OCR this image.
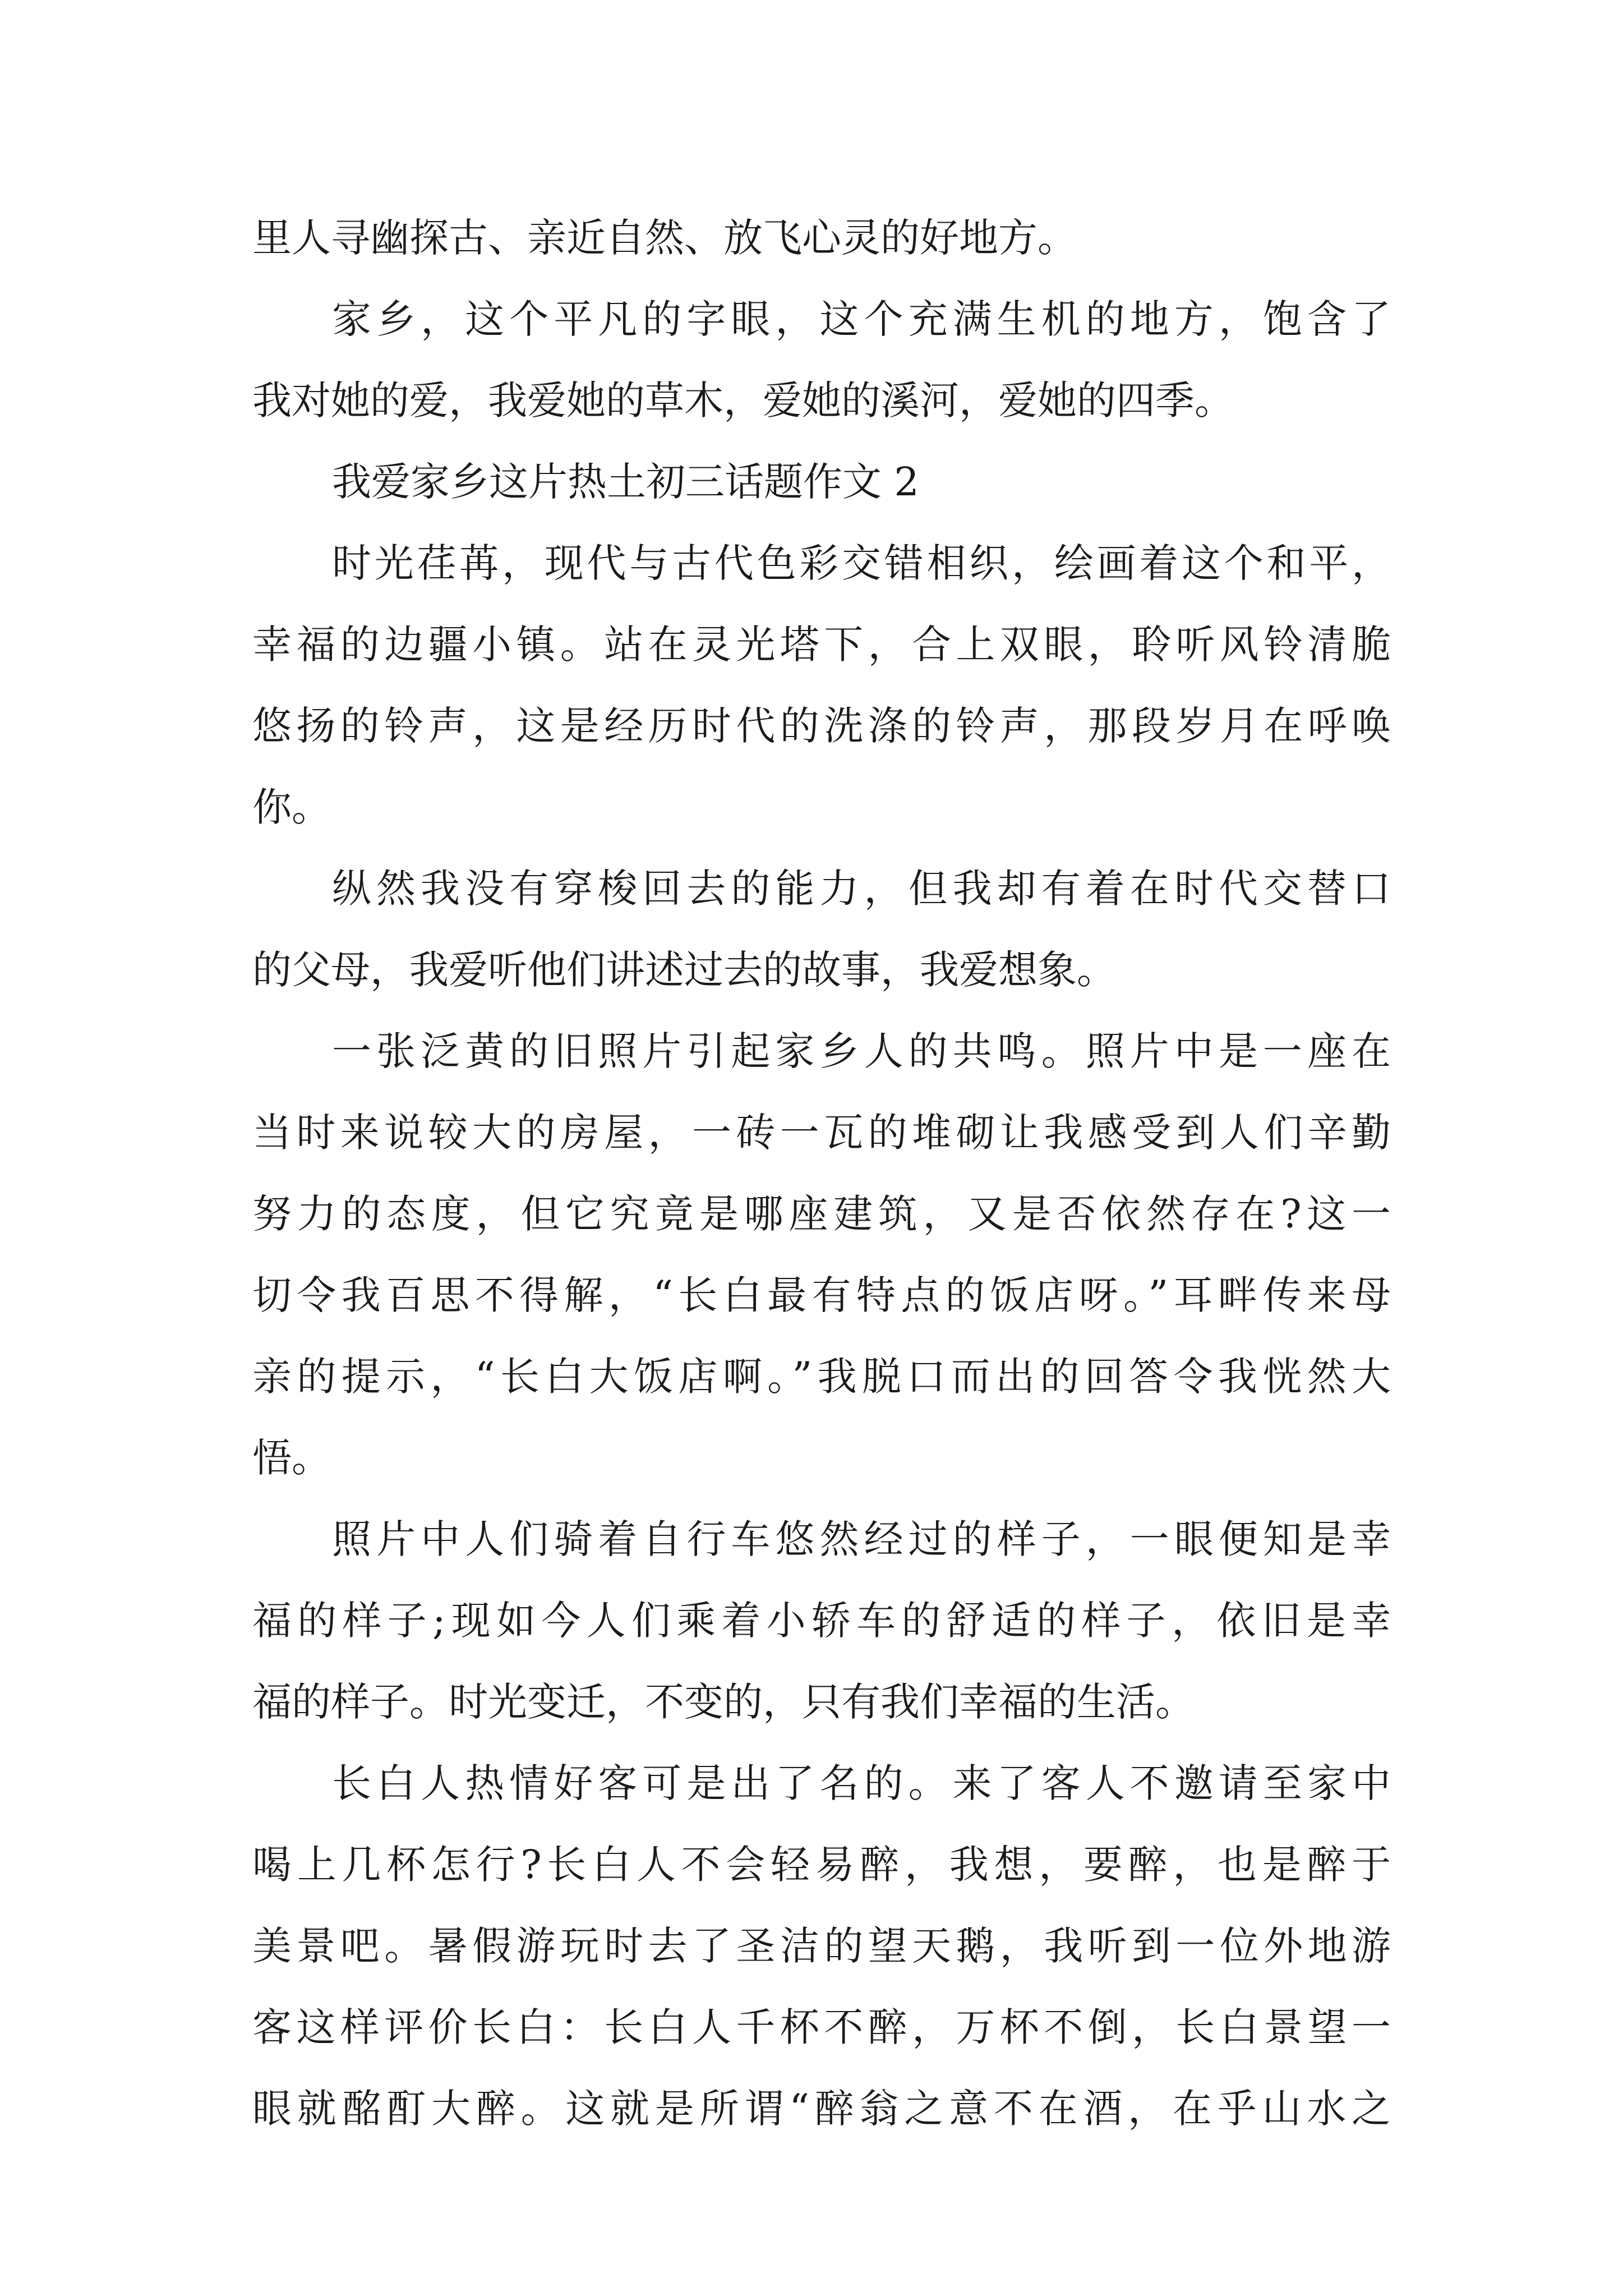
里人寻幽探古、亲近自然、放飞心灵的好地方。
家乡，这个平凡的字眼，这个充满生机的地方，饱含了
我对她的爱，我爱她的草木，爱她的溪河，爱她的四季。
我爱家乡这片热土初三话题作文 2
时光荏苒，现代与古代色彩交错相织，绘画着这个和平，
幸福的边疆小镇。站在灵光塔下，合上双眼，聆听风铃清脆
悠扬的铃声，这是经历时代的洗涤的铃声，那段岁月在呼唤
你。
纵然我没有穿梭回去的能力，但我却有着在时代交替口
的父母，我爱听他们讲述过去的故事，我爱想象。
一张泛黄的旧照片引起家乡人的共鸣。照片中是一座在
当时来说较大的房屋，一砖一瓦的堆砌让我感受到人们辛勤
努力的态度，但它究竟是哪座建筑，又是否依然存在?这一
切令我百思不得解，“长白最有特点的饭店呀。”耳畔传来母
亲的提示，“长白大饭店啊。”我脱口而出的回答令我恍然大
悟。
照片中人们骑着自行车悠然经过的样子，一眼便知是幸
福的样子;现如今人们乘着小轿车的舒适的样子，依旧是幸
福的样子。时光变迁，不变的，只有我们幸福的生活。
长白人热情好客可是出了名的。来了客人不邀请至家中
喝上几杯怎行?长白人不会轻易醉，我想，要醉，也是醉于
美景吧。暑假游玩时去了圣洁的望天鹅，我听到一位外地游
客这样评价长白：长白人千杯不醉，万杯不倒，长白景望一
眼就酩酊大醉。这就是所谓“醉翁之意不在酒，在乎山水之
